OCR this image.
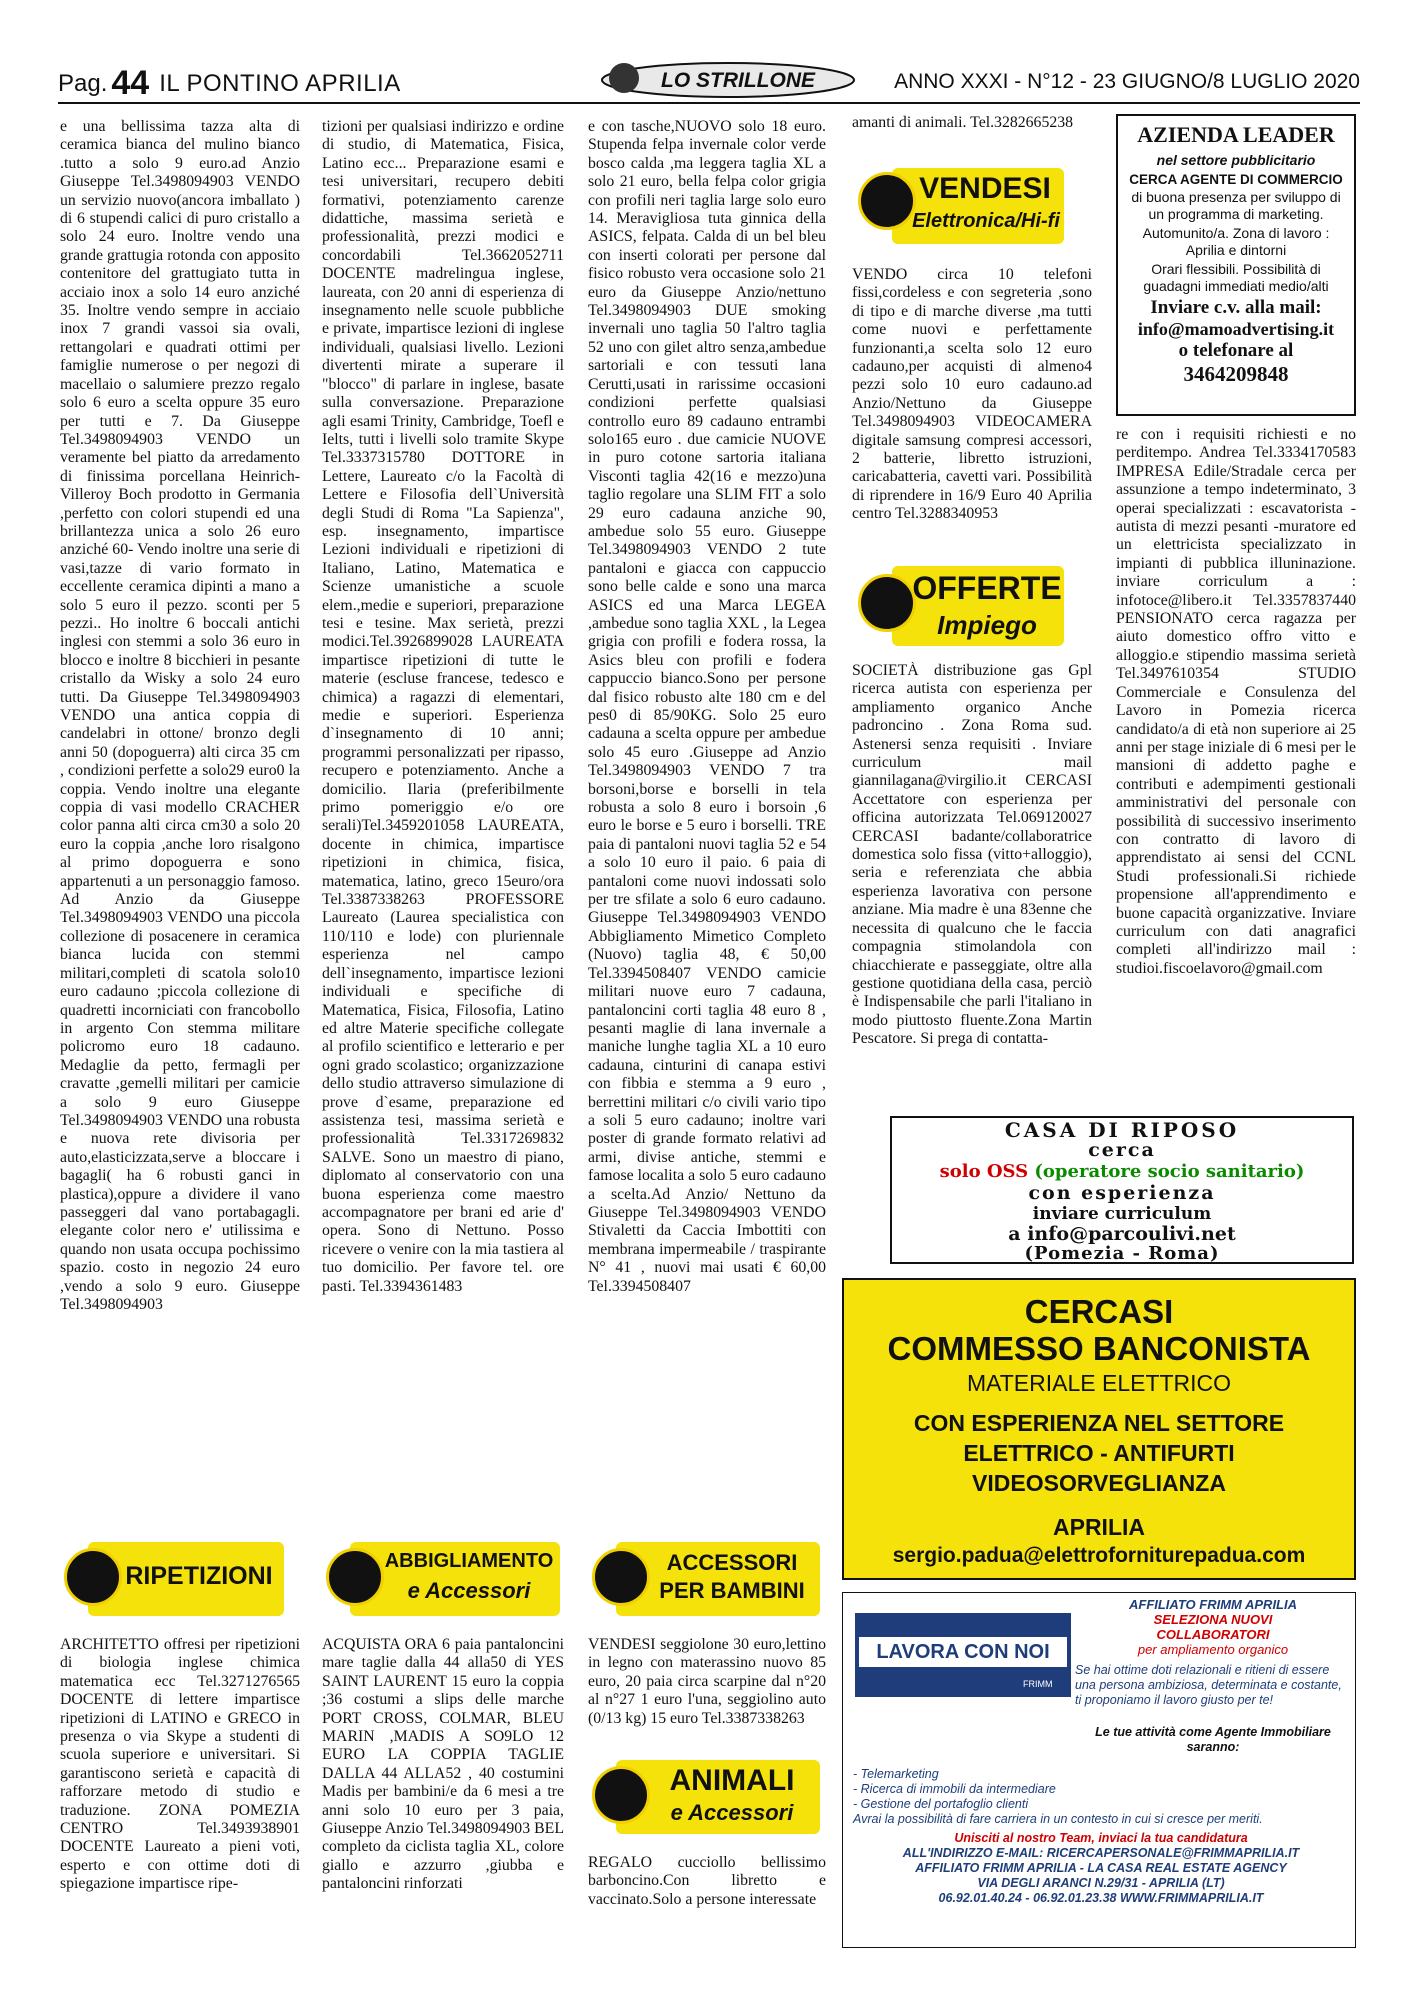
Pag. 44 IL PONTINO APRILIA	LO STRILLONE	ANNO XXXI - N°12 - 23 GIUGNO/8 LUGLIO 2020

e una bellissima tazza alta di ceramica bianca del mulino bianco .tutto a solo 9 euro.ad Anzio Giuseppe Tel.3498094903 VENDO un servizio nuovo(ancora imballato ) di 6 stupendi calici di puro cristallo a solo 24 euro. Inoltre vendo una grande grattugia rotonda con apposito contenitore del grattugiato tutta in acciaio inox a solo 14 euro anziché 35. Inoltre vendo sempre in acciaio inox 7 grandi vassoi sia ovali, rettangolari e quadrati ottimi per famiglie numerose o per negozi di macellaio o salumiere prezzo regalo solo 6 euro a scelta oppure 35 euro per tutti e 7. Da Giuseppe Tel.3498094903 VENDO un veramente bel piatto da arredamento di finissima porcellana Heinrich-Villeroy Boch prodotto in Germania ,perfetto con colori stupendi ed una brillantezza unica a solo 26 euro anziché 60- Vendo inoltre una serie di vasi,tazze di vario formato in eccellente ceramica dipinti a mano a solo 5 euro il pezzo. sconti per 5 pezzi.. Ho inoltre 6 boccali antichi inglesi con stemmi a solo 36 euro in blocco e inoltre 8 bicchieri in pesante cristallo da Wisky a solo 24 euro tutti. Da Giuseppe Tel.3498094903 VENDO una antica coppia di candelabri in ottone/ bronzo degli anni 50 (dopoguerra) alti circa 35 cm , condizioni perfette a solo29 euro0 la coppia. Vendo inoltre una elegante coppia di vasi modello CRACHER color panna alti circa cm30 a solo 20 euro la coppia ,anche loro risalgono al primo dopoguerra e sono appartenuti a un personaggio famoso. Ad Anzio da Giuseppe Tel.3498094903 VENDO una piccola collezione di posacenere in ceramica bianca lucida con stemmi militari,completi di scatola solo10 euro cadauno ;piccola collezione di quadretti incorniciati con francobollo in argento Con stemma militare policromo euro 18 cadauno. Medaglie da petto, fermagli per cravatte ,gemelli militari per camicie a solo 9 euro Giuseppe Tel.3498094903 VENDO una robusta e nuova rete divisoria per auto,elasticizzata,serve a bloccare i bagagli( ha 6 robusti ganci in plastica),oppure a dividere il vano passeggeri dal vano portabagagli. elegante color nero e' utilissima e quando non usata occupa pochissimo spazio. costo in negozio 24 euro ,vendo a solo 9 euro. Giuseppe Tel.3498094903

tizioni per qualsiasi indirizzo e ordine di studio, di Matematica, Fisica, Latino ecc... Preparazione esami e tesi universitari, recupero debiti formativi, potenziamento carenze didattiche, massima serietà e professionalità, prezzi modici e concordabili Tel.3662052711 DOCENTE madrelingua inglese, laureata, con 20 anni di esperienza di insegnamento nelle scuole pubbliche e private, impartisce lezioni di inglese individuali, qualsiasi livello. Lezioni divertenti mirate a superare il "blocco" di parlare in inglese, basate sulla conversazione. Preparazione agli esami Trinity, Cambridge, Toefl e Ielts, tutti i livelli solo tramite Skype Tel.3337315780 DOTTORE in Lettere, Laureato c/o la Facoltà di Lettere e Filosofia dell`Università degli Studi di Roma "La Sapienza", esp. insegnamento, impartisce Lezioni individuali e ripetizioni di Italiano, Latino, Matematica e Scienze umanistiche a scuole elem.,medie e superiori, preparazione tesi e tesine. Max serietà, prezzi modici.Tel.3926899028 LAUREATA impartisce ripetizioni di tutte le materie (escluse francese, tedesco e chimica) a ragazzi di elementari, medie e superiori. Esperienza d`insegnamento di 10 anni; programmi personalizzati per ripasso, recupero e potenziamento. Anche a domicilio. Ilaria (preferibilmente primo pomeriggio e/o ore serali)Tel.3459201058 LAUREATA, docente in chimica, impartisce ripetizioni in chimica, fisica, matematica, latino, greco 15euro/ora Tel.3387338263 PROFESSORE Laureato (Laurea specialistica con 110/110 e lode) con pluriennale esperienza nel campo dell`insegnamento, impartisce lezioni individuali e specifiche di Matematica, Fisica, Filosofia, Latino ed altre Materie specifiche collegate al profilo scientifico e letterario e per ogni grado scolastico; organizzazione dello studio attraverso simulazione di prove d`esame, preparazione ed assistenza tesi, massima serietà e professionalità Tel.3317269832 SALVE. Sono un maestro di piano, diplomato al conservatorio con una buona esperienza come maestro accompagnatore per brani ed arie d' opera. Sono di Nettuno. Posso ricevere o venire con la mia tastiera al tuo domicilio. Per favore tel. ore pasti. Tel.3394361483

e con tasche,NUOVO solo 18 euro. Stupenda felpa invernale color verde bosco calda ,ma leggera taglia XL a solo 21 euro, bella felpa color grigia con profili neri taglia large solo euro 14. Meravigliosa tuta ginnica della ASICS, felpata. Calda di un bel bleu con inserti colorati per persone dal fisico robusto vera occasione solo 21 euro da Giuseppe Anzio/nettuno Tel.3498094903 DUE smoking invernali uno taglia 50 l'altro taglia 52 uno con gilet altro senza,ambedue sartoriali e con tessuti lana Cerutti,usati in rarissime occasioni condizioni perfette qualsiasi controllo euro 89 cadauno entrambi solo165 euro . due camicie NUOVE in puro cotone sartoria italiana Visconti taglia 42(16 e mezzo)una taglio regolare una SLIM FIT a solo 29 euro cadauna anziche 90, ambedue solo 55 euro. Giuseppe Tel.3498094903 VENDO 2 tute pantaloni e giacca con cappuccio sono belle calde e sono una marca ASICS ed una Marca LEGEA ,ambedue sono taglia XXL , la Legea grigia con profili e fodera rossa, la Asics bleu con profili e fodera cappuccio bianco.Sono per persone dal fisico robusto alte 180 cm e del pes0 di 85/90KG. Solo 25 euro cadauna a scelta oppure per ambedue solo 45 euro .Giuseppe ad Anzio Tel.3498094903 VENDO 7 tra borsoni,borse e borselli in tela robusta a solo 8 euro i borsoin ,6 euro le borse e 5 euro i borselli. TRE paia di pantaloni nuovi taglia 52 e 54 a solo 10 euro il paio. 6 paia di pantaloni come nuovi indossati solo per tre sfilate a solo 6 euro cadauno. Giuseppe Tel.3498094903 VENDO Abbigliamento Mimetico Completo (Nuovo) taglia 48, € 50,00 Tel.3394508407 VENDO camicie militari nuove euro 7 cadauna, pantaloncini corti taglia 48 euro 8 , pesanti maglie di lana invernale a maniche lunghe taglia XL a 10 euro cadauna, cinturini di canapa estivi con fibbia e stemma a 9 euro , berrettini militari c/o civili vario tipo a soli 5 euro cadauno; inoltre vari poster di grande formato relativi ad armi, divise antiche, stemmi e famose localita a solo 5 euro cadauno a scelta.Ad Anzio/ Nettuno da Giuseppe Tel.3498094903 VENDO Stivaletti da Caccia Imbottiti con membrana impermeabile / traspirante N° 41 , nuovi mai usati € 60,00 Tel.3394508407

amanti di animali. Tel.3282665238

VENDESI
Elettronica/Hi-fi

VENDO circa 10 telefoni fissi,cordeless e con segreteria ,sono di tipo e di marche diverse ,ma tutti come nuovi e perfettamente funzionanti,a scelta solo 12 euro cadauno,per acquisti di almeno4 pezzi solo 10 euro cadauno.ad Anzio/Nettuno da Giuseppe Tel.3498094903 VIDEOCAMERA digitale samsung compresi accessori, 2 batterie, libretto istruzioni, caricabatteria, cavetti vari. Possibilità di riprendere in 16/9 Euro 40 Aprilia centro Tel.3288340953

OFFERTE
Impiego

SOCIETÀ distribuzione gas Gpl ricerca autista con esperienza per ampliamento organico Anche padroncino . Zona Roma sud. Astenersi senza requisiti . Inviare curriculum mail giannilagana@virgilio.it CERCASI Accettatore con esperienza per officina autorizzata Tel.069120027 CERCASI badante/collaboratrice domestica solo fissa (vitto+alloggio), seria e referenziata che abbia esperienza lavorativa con persone anziane. Mia madre è una 83enne che necessita di qualcuno che le faccia compagnia stimolandola con chiacchierate e passeggiate, oltre alla gestione quotidiana della casa, perciò è Indispensabile che parli l'italiano in modo piuttosto fluente.Zona Martin Pescatore. Si prega di contatta-

AZIENDA LEADER
nel settore pubblicitario
CERCA AGENTE DI COMMERCIO
di buona presenza per sviluppo di un programma di marketing.
Automunito/a. Zona di lavoro : Aprilia e dintorni
Orari flessibili. Possibilità di guadagni immediati medio/alti
Inviare c.v. alla mail:
info@mamoadvertising.it
o telefonare al
3464209848

re con i requisiti richiesti e no perditempo. Andrea Tel.3334170583 IMPRESA Edile/Stradale cerca per assunzione a tempo indeterminato, 3 operai specializzati : escavatorista - autista di mezzi pesanti -muratore ed un elettricista specializzato in impianti di pubblica illuninazione. inviare corriculum a : infotoce@libero.it Tel.3357837440 PENSIONATO cerca ragazza per aiuto domestico offro vitto e alloggio.e stipendio massima serietà Tel.3497610354 STUDIO Commerciale e Consulenza del Lavoro in Pomezia ricerca candidato/a di età non superiore ai 25 anni per stage iniziale di 6 mesi per le mansioni di addetto paghe e contributi e adempimenti gestionali amministrativi del personale con possibilità di successivo inserimento con contratto di lavoro di apprendistato ai sensi del CCNL Studi professionali.Si richiede propensione all'apprendimento e buone capacità organizzative. Inviare curriculum con dati anagrafici completi all'indirizzo mail : studioi.fiscoelavoro@gmail.com

CASA DI RIPOSO
cerca
solo OSS (operatore socio sanitario)
con esperienza
inviare curriculum
a info@parcoulivi.net
(Pomezia - Roma)
CERCASI
COMMESSO BANCONISTA
MATERIALE ELETTRICO
CON ESPERIENZA NEL SETTORE
ELETTRICO - ANTIFURTI
VIDEOSORVEGLIANZA
APRILIA
sergio.padua@elettroforniturepadua.com
LAVORA CON NOI
FRIMM
AFFILIATO FRIMM APRILIA
SELEZIONA NUOVI
COLLABORATORI
per ampliamento organico
Se hai ottime doti relazionali e ritieni di essere una persona ambiziosa, determinata e costante, ti proponiamo il lavoro giusto per te!
Le tue attività come Agente Immobiliare saranno:
- Telemarketing
- Ricerca di immobili da intermediare
- Gestione del portafoglio clienti
Avrai la possibilità di fare carriera in un contesto in cui si cresce per meriti.
Unisciti al nostro Team, inviaci la tua candidatura
ALL'INDIRIZZO E-MAIL: RICERCAPERSONALE@FRIMMAPRILIA.IT
AFFILIATO FRIMM APRILIA - LA CASA REAL ESTATE AGENCY
VIA DEGLI ARANCI N.29/31 - APRILIA (LT)
06.92.01.40.24 - 06.92.01.23.38 WWW.FRIMMAPRILIA.IT
RIPETIZIONI

ARCHITETTO offresi per ripetizioni di biologia inglese chimica matematica ecc Tel.3271276565 DOCENTE di lettere impartisce ripetizioni di LATINO e GRECO in presenza o via Skype a studenti di scuola superiore e universitari. Si garantiscono serietà e capacità di rafforzare metodo di studio e traduzione. ZONA POMEZIA CENTRO Tel.3493938901 DOCENTE Laureato a pieni voti, esperto e con ottime doti di spiegazione impartisce ripe-

ABBIGLIAMENTO
e Accessori

ACQUISTA ORA 6 paia pantaloncini mare taglie dalla 44 alla50 di YES SAINT LAURENT 15 euro la coppia ;36 costumi a slips delle marche PORT CROSS, COLMAR, BLEU MARIN ,MADIS A SO9LO 12 EURO LA COPPIA TAGLIE DALLA 44 ALLA52 , 40 costumini Madis per bambini/e da 6 mesi a tre anni solo 10 euro per 3 paia, Giuseppe Anzio Tel.3498094903 BEL completo da ciclista taglia XL, colore giallo e azzurro ,giubba e pantaloncini rinforzati

ACCESSORI
PER BAMBINI

VENDESI seggiolone 30 euro,lettino in legno con materassino nuovo 85 euro, 20 paia circa scarpine dal n°20 al n°27 1 euro l'una, seggiolino auto (0/13 kg) 15 euro Tel.3387338263

ANIMALI
e Accessori

REGALO cucciollo bellissimo barboncino.Con libretto e vaccinato.Solo a persone interessate
